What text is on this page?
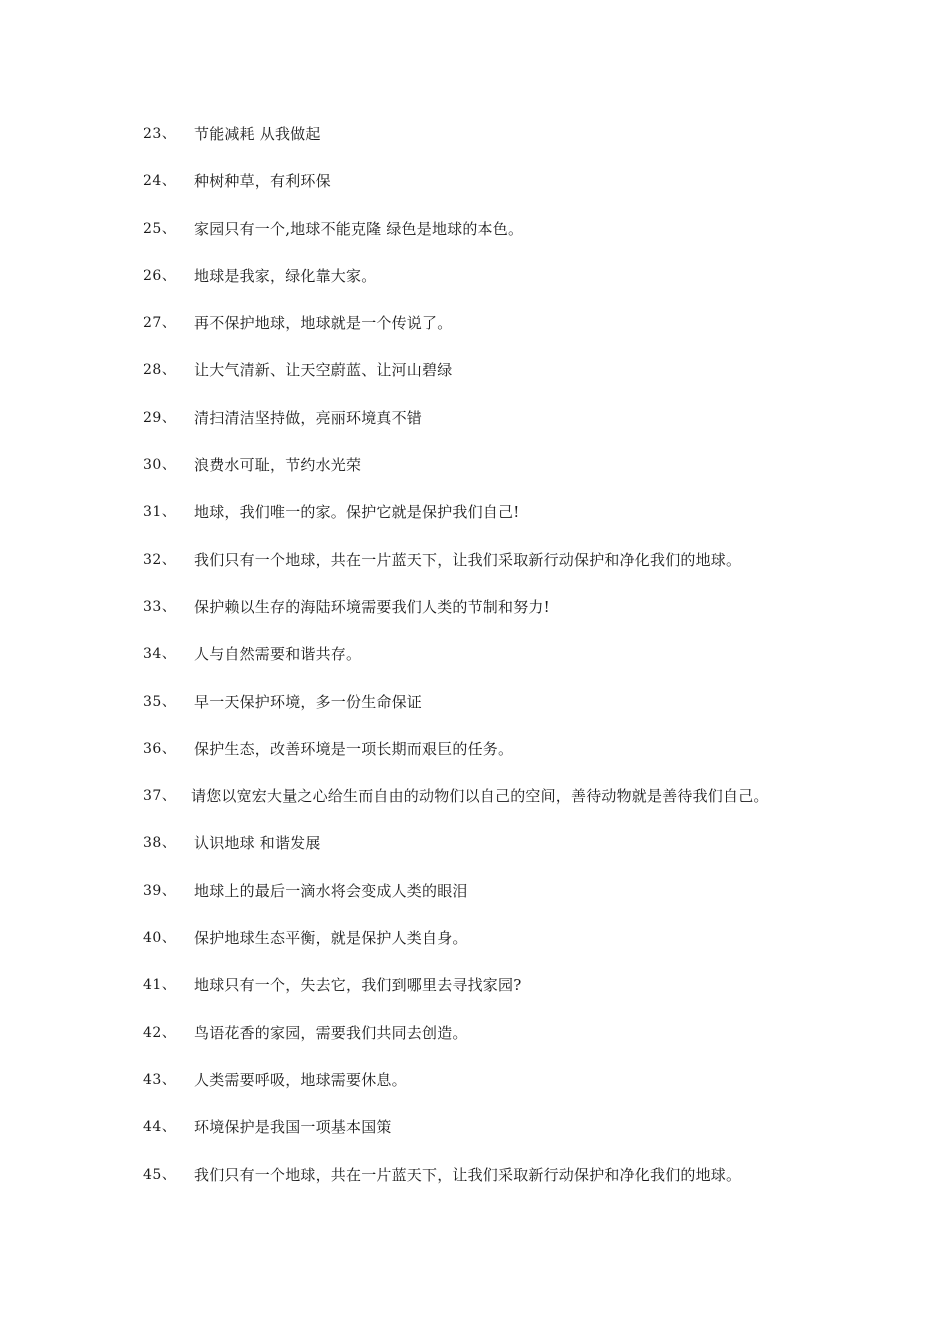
23、	节能减耗 从我做起
24、	种树种草，有利环保
25、	家园只有一个,地球不能克隆 绿色是地球的本色。
26、	地球是我家，绿化靠大家。
27、	再不保护地球，地球就是一个传说了。
28、	让大气清新、让天空蔚蓝、让河山碧绿
29、	清扫清洁坚持做，亮丽环境真不错
30、	浪费水可耻，节约水光荣
31、	地球，我们唯一的家。保护它就是保护我们自己!
32、	我们只有一个地球，共在一片蓝天下，让我们采取新行动保护和净化我们的地球。
33、	保护赖以生存的海陆环境需要我们人类的节制和努力!
34、	人与自然需要和谐共存。
35、	早一天保护环境，多一份生命保证
36、	保护生态，改善环境是一项长期而艰巨的任务。
37、 请您以宽宏大量之心给生而自由的动物们以自己的空间，善待动物就是善待我们自己。
38、	认识地球 和谐发展
39、	地球上的最后一滴水将会变成人类的眼泪
40、	保护地球生态平衡，就是保护人类自身。
41、	地球只有一个，失去它，我们到哪里去寻找家园?
42、	鸟语花香的家园，需要我们共同去创造。
43、	人类需要呼吸，地球需要休息。
44、	环境保护是我国一项基本国策
45、	我们只有一个地球，共在一片蓝天下，让我们采取新行动保护和净化我们的地球。
